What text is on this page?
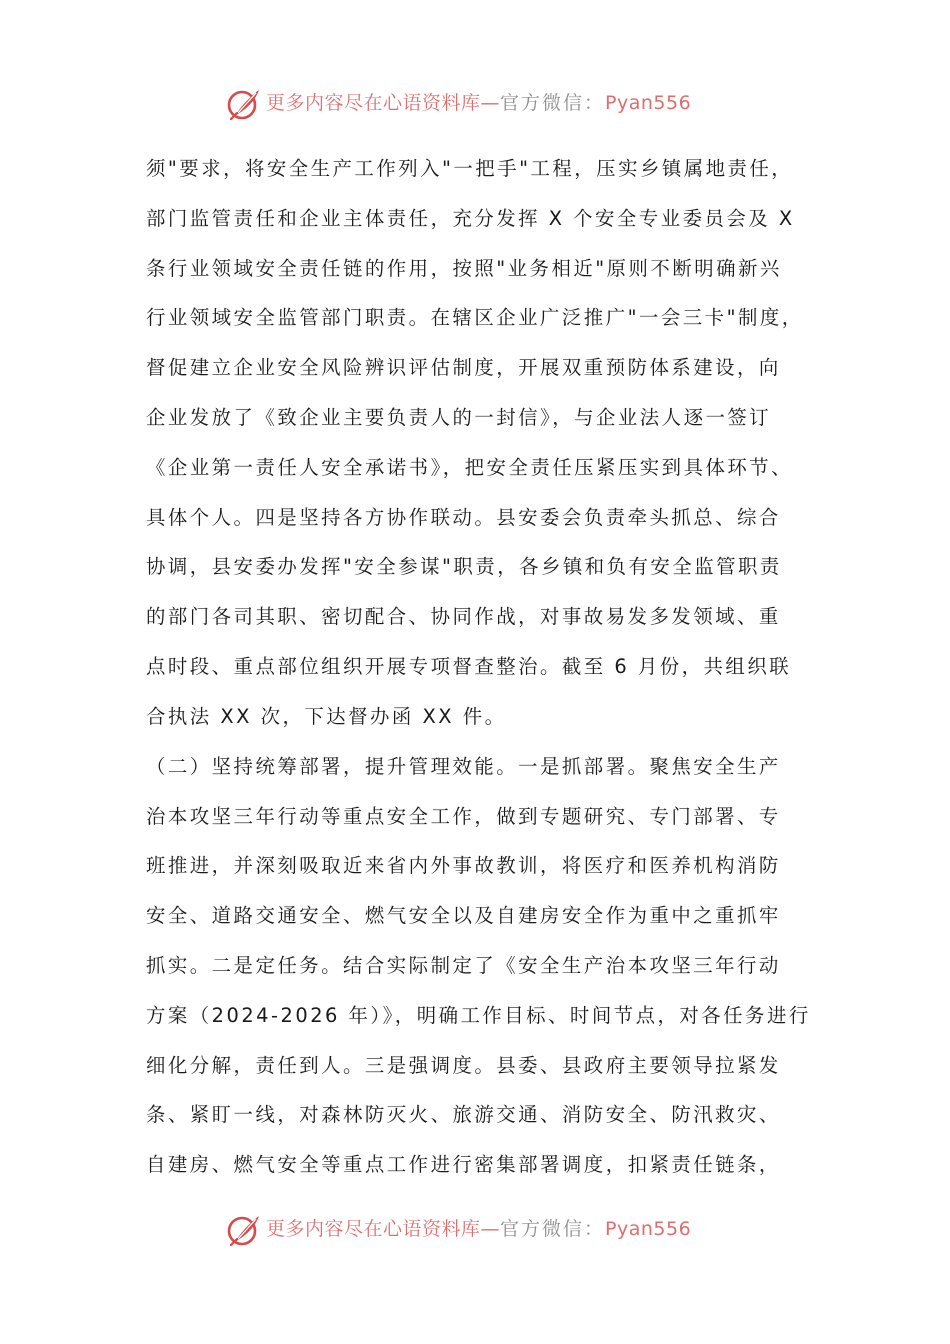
更多内容尽在心语资料库—官方微信：Pyan556
须"要求，将安全生产工作列入"一把手"工程，压实乡镇属地责任，
部门监管责任和企业主体责任，充分发挥 X 个安全专业委员会及 X
条行业领域安全责任链的作用，按照"业务相近"原则不断明确新兴
行业领域安全监管部门职责。在辖区企业广泛推广"一会三卡"制度，
督促建立企业安全风险辨识评估制度，开展双重预防体系建设，向
企业发放了《致企业主要负责人的一封信》，与企业法人逐一签订
《企业第一责任人安全承诺书》，把安全责任压紧压实到具体环节、
具体个人。四是坚持各方协作联动。县安委会负责牵头抓总、综合
协调，县安委办发挥"安全参谋"职责，各乡镇和负有安全监管职责
的部门各司其职、密切配合、协同作战，对事故易发多发领域、重
点时段、重点部位组织开展专项督查整治。截至 6 月份，共组织联
合执法 XX 次，下达督办函 XX 件。
（二）坚持统筹部署，提升管理效能。一是抓部署。聚焦安全生产
治本攻坚三年行动等重点安全工作，做到专题研究、专门部署、专
班推进，并深刻吸取近来省内外事故教训，将医疗和医养机构消防
安全、道路交通安全、燃气安全以及自建房安全作为重中之重抓牢
抓实。二是定任务。结合实际制定了《安全生产治本攻坚三年行动
方案（2024-2026 年）》，明确工作目标、时间节点，对各任务进行
细化分解，责任到人。三是强调度。县委、县政府主要领导拉紧发
条、紧盯一线，对森林防灭火、旅游交通、消防安全、防汛救灾、
自建房、燃气安全等重点工作进行密集部署调度，扣紧责任链条，
更多内容尽在心语资料库—官方微信：Pyan556
